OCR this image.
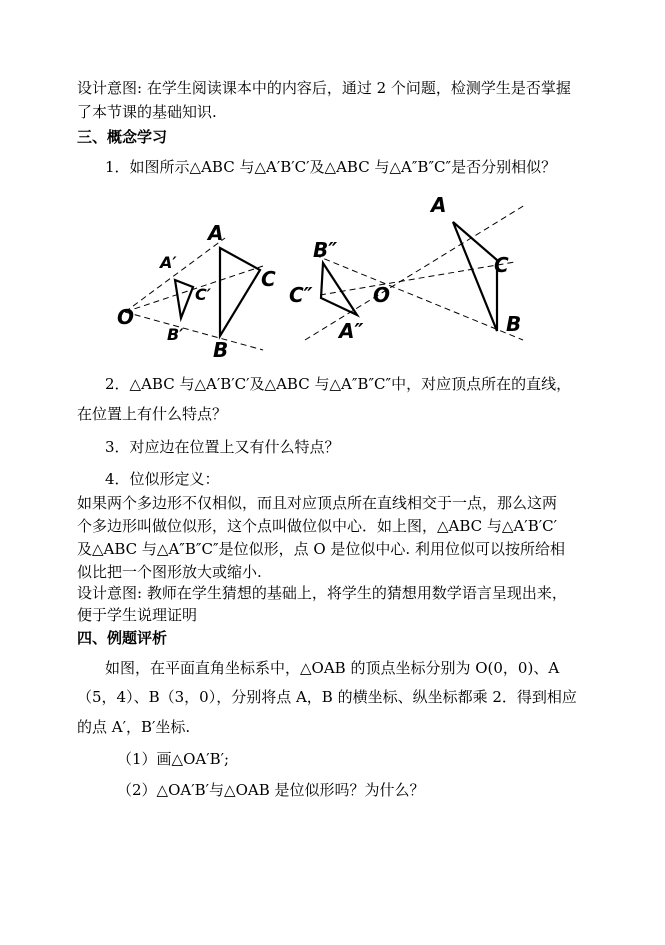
设计意图: 在学生阅读课本中的内容后，通过 2 个问题，检测学生是否掌握
了本节课的基础知识.
三、概念学习
1．如图所示△ABC 与△A′B′C′及△ABC 与△A″B″C″是否分别相似？
O
A
B
C
A′
B′
C′	O
A
B
C
A″
B″
C″
2．△ABC 与△A′B′C′及△ABC 与△A″B″C″中，对应顶点所在的直线，
在位置上有什么特点？
3．对应边在位置上又有什么特点？
4．位似形定义：
如果两个多边形不仅相似，而且对应顶点所在直线相交于一点，那么这两
个多边形叫做位似形，这个点叫做位似中心．如上图，△ABC 与△A′B′C′
及△ABC 与△A″B″C″是位似形，点 O 是位似中心. 利用位似可以按所给相
似比把一个图形放大或缩小.
设计意图: 教师在学生猜想的基础上，将学生的猜想用数学语言呈现出来，
便于学生说理证明
四、例题评析
如图，在平面直角坐标系中，△OAB 的顶点坐标分别为 O(0，0)、A
（5，4）、B（3，0），分别将点 A，B 的横坐标、纵坐标都乘 2．得到相应
的点 A′，B′坐标.
（1）画△OA′B′;
（2）△OA′B′与△OAB 是位似形吗？为什么？
